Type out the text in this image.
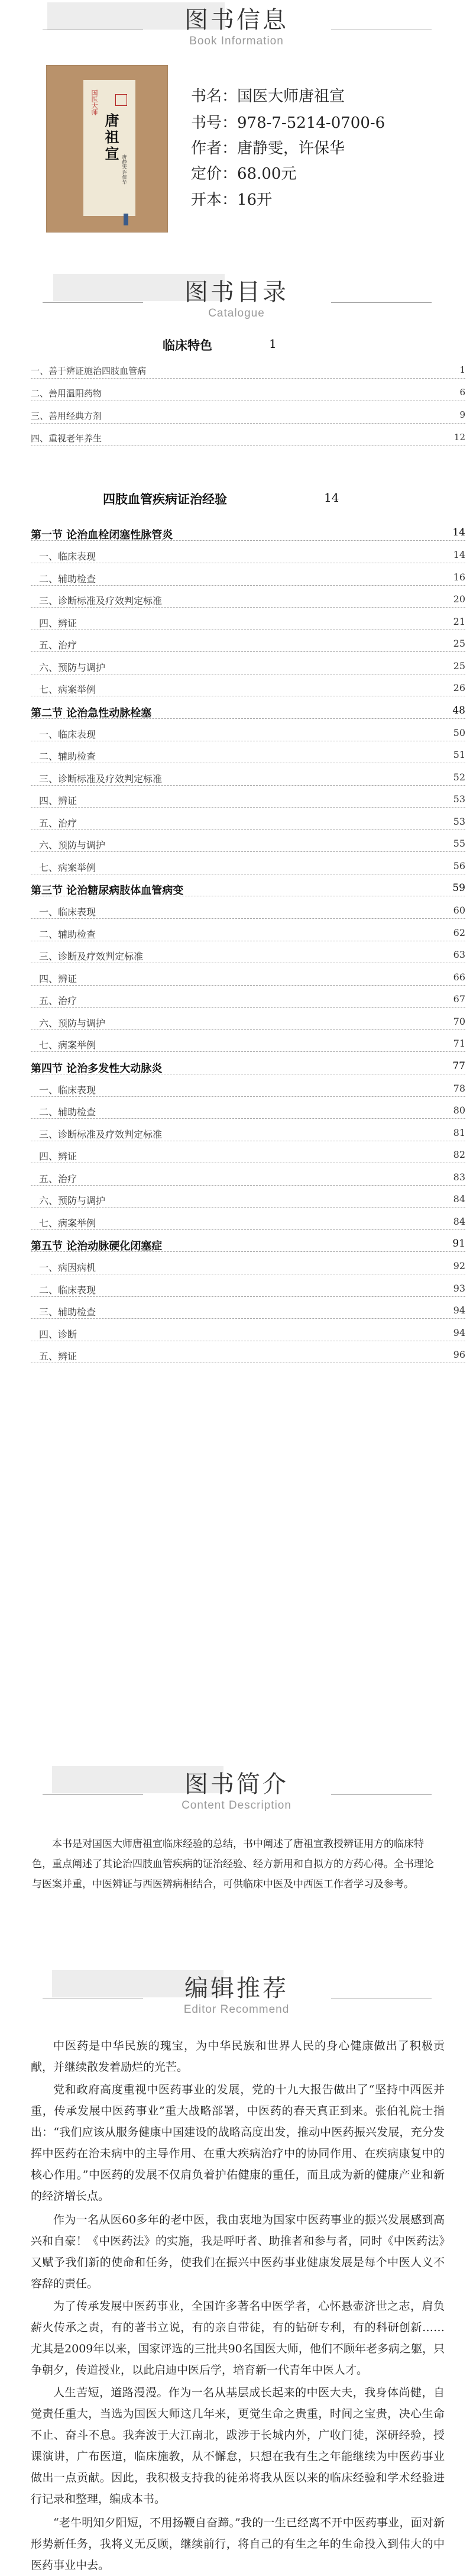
图书信息
Book Information
国医大师
唐祖宣
唐静雯 许保华
书名：国医大师唐祖宣
书号：978-7-5214-0700-6
作者：唐静雯，许保华
定价：68.00元
开本：16开
图书目录
Catalogue
临床特色	1
一、善于辨证施治四肢血管病	1
二、善用温阳药物	6
三、善用经典方剂	9
四、重视老年养生	12
四肢血管疾病证治经验	14
第一节 论治血栓闭塞性脉管炎	14
一、临床表现	14
二、辅助检查	16
三、诊断标准及疗效判定标准	20
四、辨证	21
五、治疗	25
六、预防与调护	25
七、病案举例	26
第二节 论治急性动脉栓塞	48
一、临床表现	50
二、辅助检查	51
三、诊断标准及疗效判定标准	52
四、辨证	53
五、治疗	53
六、预防与调护	55
七、病案举例	56
第三节 论治糖尿病肢体血管病变	59
一、临床表现	60
二、辅助检查	62
三、诊断及疗效判定标准	63
四、辨证	66
五、治疗	67
六、预防与调护	70
七、病案举例	71
第四节 论治多发性大动脉炎	77
一、临床表现	78
二、辅助检查	80
三、诊断标准及疗效判定标准	81
四、辨证	82
五、治疗	83
六、预防与调护	84
七、病案举例	84
第五节 论治动脉硬化闭塞症	91
一、病因病机	92
二、临床表现	93
三、辅助检查	94
四、诊断	94
五、辨证	96
图书简介
Content Description
本书是对国医大师唐祖宣临床经验的总结，书中阐述了唐祖宣教授辨证用方的临床特色，重点阐述了其论治四肢血管疾病的证治经验、经方新用和自拟方的方药心得。全书理论与医案并重，中医辨证与西医辨病相结合，可供临床中医及中西医工作者学习及参考。
编辑推荐
Editor Recommend
中医药是中华民族的瑰宝，为中华民族和世界人民的身心健康做出了积极贡献，并继续散发着励烂的光芒。
党和政府高度重视中医药事业的发展，党的十九大报告做出了“坚持中西医并重，传承发展中医药事业”重大战略部署，中医药的春天真正到来。张伯礼院士指出：“我们应该从服务健康中国建设的战略高度出发，推动中医药振兴发展，充分发挥中医药在治未病中的主导作用、在重大疾病治疗中的协同作用、在疾病康复中的核心作用。”中医药的发展不仅肩负着护佑健康的重任，而且成为新的健康产业和新的经济增长点。
作为一名从医60多年的老中医，我由衷地为国家中医药事业的振兴发展感到高兴和自豪！《中医药法》的实施，我是呼吁者、助推者和参与者，同时《中医药法》又赋予我们新的使命和任务，使我们在振兴中医药事业健康发展是每个中医人义不容辞的责任。
为了传承发展中医药事业，全国许多著名中医学者，心怀悬壶济世之志，肩负薪火传承之责，有的著书立说，有的亲自带徒，有的钻研专利，有的科研创新……尤其是2009年以来，国家评选的三批共90名国医大师，他们不顾年老多病之躯，只争朝夕，传道授业，以此启迪中医后学，培育新一代青年中医人才。
人生苦短，道路漫漫。作为一名从基层成长起来的中医大夫，我身体尚健，自觉责任重大，当选为国医大师这几年来，更觉生命之贵重，时间之宝贵，决心生命不止、奋斗不息。我奔波于大江南北，跋涉于长城内外，广收门徒，深研经验，授课演讲，广布医道，临床施教，从不懈怠，只想在我有生之年能继续为中医药事业做出一点贡献。因此，我积极支持我的徒弟将我从医以来的临床经验和学术经验进行记录和整理，编成本书。
“老牛明知夕阳短，不用扬鞭自奋蹄。”我的一生已经离不开中医药事业，面对新形势新任务，我将义无反顾，继续前行，将自己的有生之年的生命投入到伟大的中医药事业中去。
